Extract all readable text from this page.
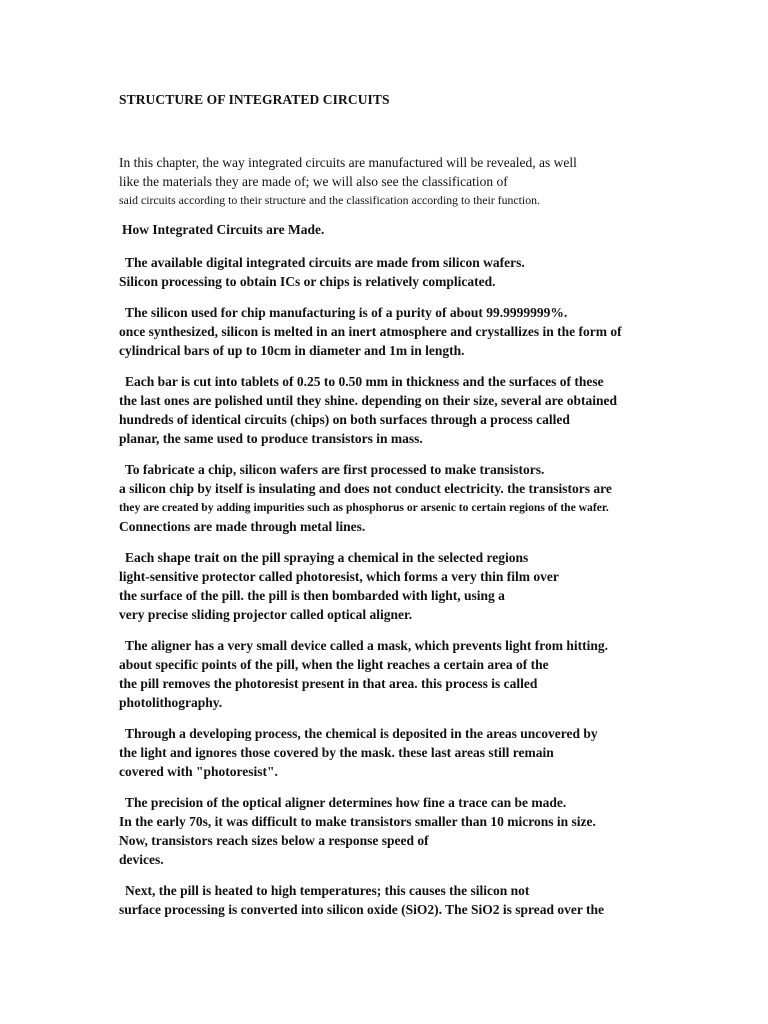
STRUCTURE OF INTEGRATED CIRCUITS
In this chapter, the way integrated circuits are manufactured will be revealed, as well
like the materials they are made of; we will also see the classification of
said circuits according to their structure and the classification according to their function.
How Integrated Circuits are Made.

The available digital integrated circuits are made from silicon wafers.
Silicon processing to obtain ICs or chips is relatively complicated.

The silicon used for chip manufacturing is of a purity of about 99.9999999%.
once synthesized, silicon is melted in an inert atmosphere and crystallizes in the form of
cylindrical bars of up to 10cm in diameter and 1m in length.

Each bar is cut into tablets of 0.25 to 0.50 mm in thickness and the surfaces of these
the last ones are polished until they shine. depending on their size, several are obtained
hundreds of identical circuits (chips) on both surfaces through a process called
planar, the same used to produce transistors in mass.

To fabricate a chip, silicon wafers are first processed to make transistors.
a silicon chip by itself is insulating and does not conduct electricity. the transistors are
they are created by adding impurities such as phosphorus or arsenic to certain regions of the wafer.
Connections are made through metal lines.

Each shape trait on the pill spraying a chemical in the selected regions
light-sensitive protector called photoresist, which forms a very thin film over
the surface of the pill. the pill is then bombarded with light, using a
very precise sliding projector called optical aligner.

The aligner has a very small device called a mask, which prevents light from hitting.
about specific points of the pill, when the light reaches a certain area of the
the pill removes the photoresist present in that area. this process is called
photolithography.

Through a developing process, the chemical is deposited in the areas uncovered by
the light and ignores those covered by the mask. these last areas still remain
covered with "photoresist".

The precision of the optical aligner determines how fine a trace can be made.
In the early 70s, it was difficult to make transistors smaller than 10 microns in size.
Now, transistors reach sizes below a response speed of
devices.

Next, the pill is heated to high temperatures; this causes the silicon not
surface processing is converted into silicon oxide (SiO2). The SiO2 is spread over the
